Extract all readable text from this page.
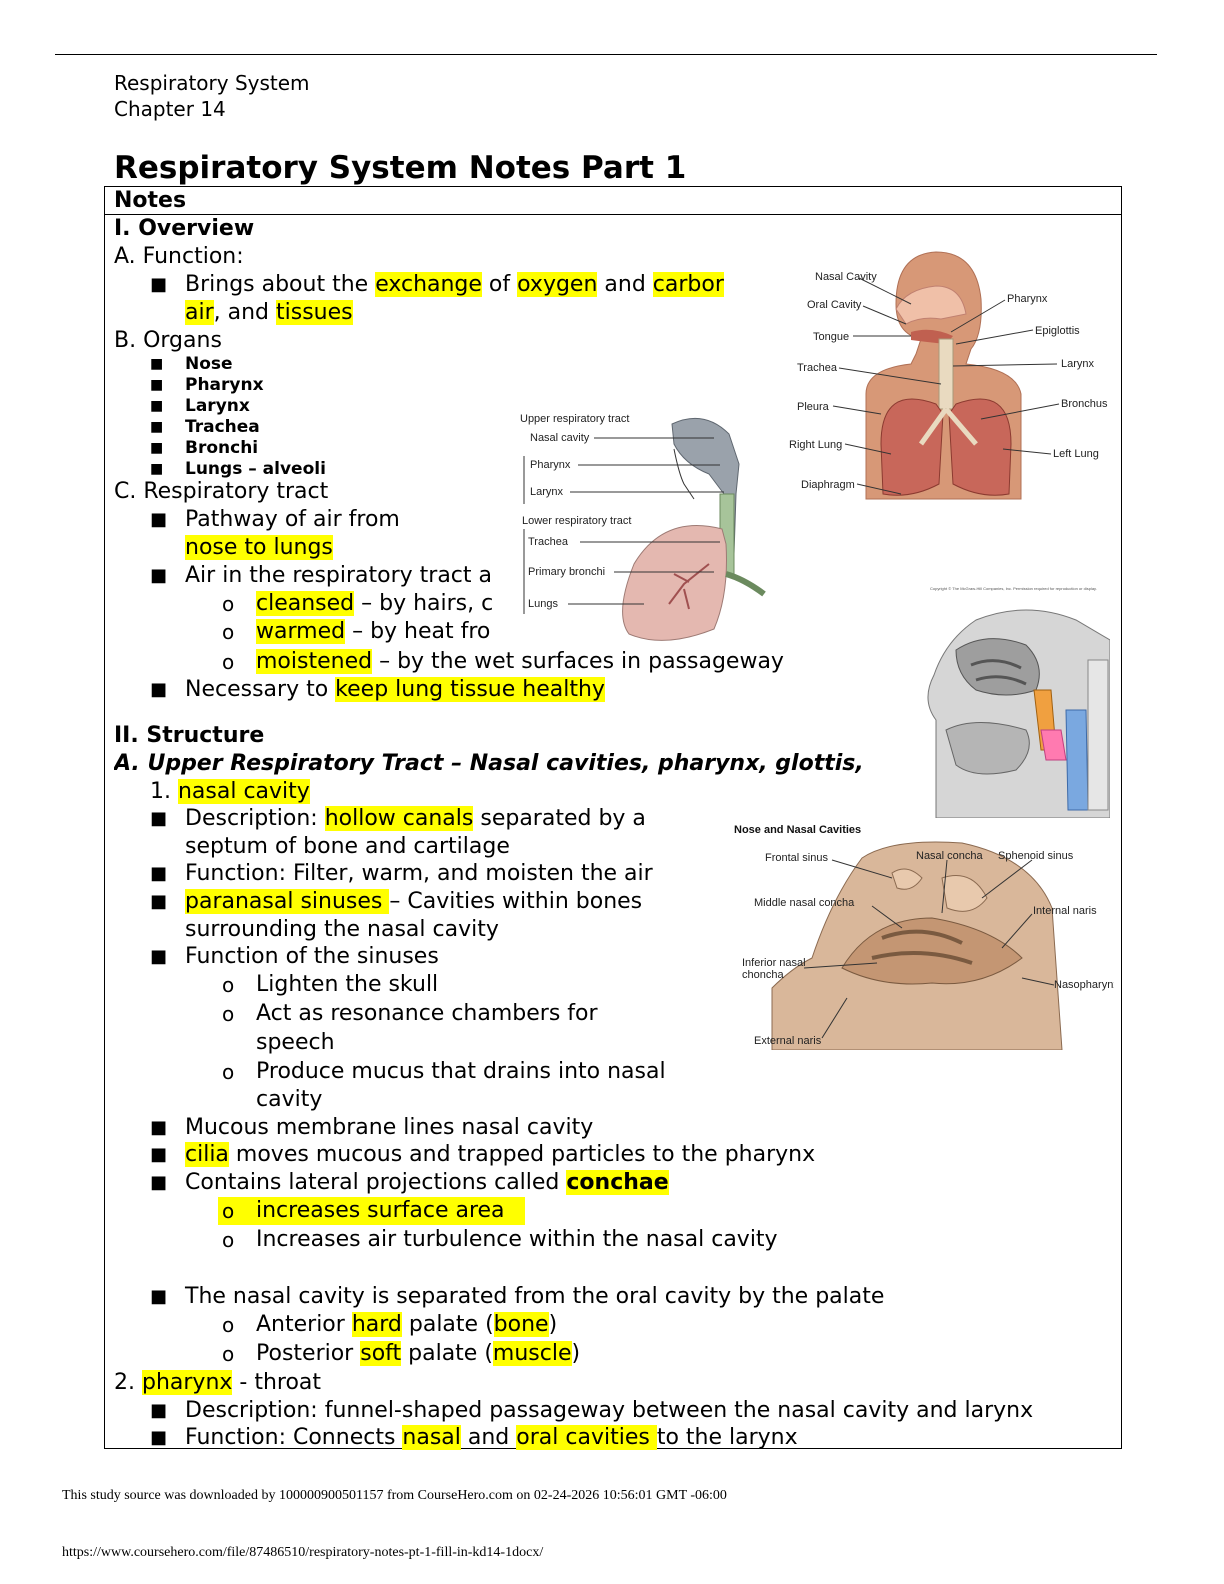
Respiratory System
Chapter 14
Respiratory System Notes Part 1
Notes
Nasal Cavity
Oral Cavity
Tongue
Trachea
Pleura
Right Lung
Diaphragm
Pharynx
Epiglottis
Larynx
Bronchus
Left Lung
Upper respiratory tract
Nasal cavity
Pharynx
Larynx
Lower respiratory tract
Trachea
Primary bronchi
Lungs
Copyright © The McGraw-Hill Companies, Inc. Permission required for reproduction or display.
Nose and Nasal Cavities
Frontal sinus	Nasal concha Sphenoid sinus
Middle nasal concha
Internal naris
Inferior nasal
choncha
Nasopharynx
External naris
I. Overview
A. Function:
■ Brings about the exchange of oxygen and carbor
air, and tissues
B. Organs
■ Nose
■ Pharynx
■ Larynx
■ Trachea
■ Bronchi
■ Lungs – alveoli
C. Respiratory tract
■ Pathway of air from
nose to lungs
■ Air in the respiratory tract a
o cleansed – by hairs, c
o warmed – by heat fro
o moistened – by the wet surfaces in passageway
■ Necessary to keep lung tissue healthy
II. Structure
A. Upper Respiratory Tract – Nasal cavities, pharynx, glottis,
1. nasal cavity
■ Description: hollow canals separated by a
septum of bone and cartilage
■ Function: Filter, warm, and moisten the air
■ paranasal sinuses – Cavities within bones
surrounding the nasal cavity
■ Function of the sinuses
o Lighten the skull
o Act as resonance chambers for
speech
o Produce mucus that drains into nasal
cavity
■ Mucous membrane lines nasal cavity
■ cilia moves mucous and trapped particles to the pharynx
■ Contains lateral projections called conchae
o increases surface area
o Increases air turbulence within the nasal cavity
■ The nasal cavity is separated from the oral cavity by the palate
o Anterior hard palate (bone)
o Posterior soft palate (muscle)
2. pharynx - throat
■ Description: funnel-shaped passageway between the nasal cavity and larynx
■ Function: Connects nasal and oral cavities to the larynx
This study source was downloaded by 100000900501157 from CourseHero.com on 02-24-2026 10:56:01 GMT -06:00
https://www.coursehero.com/file/87486510/respiratory-notes-pt-1-fill-in-kd14-1docx/
